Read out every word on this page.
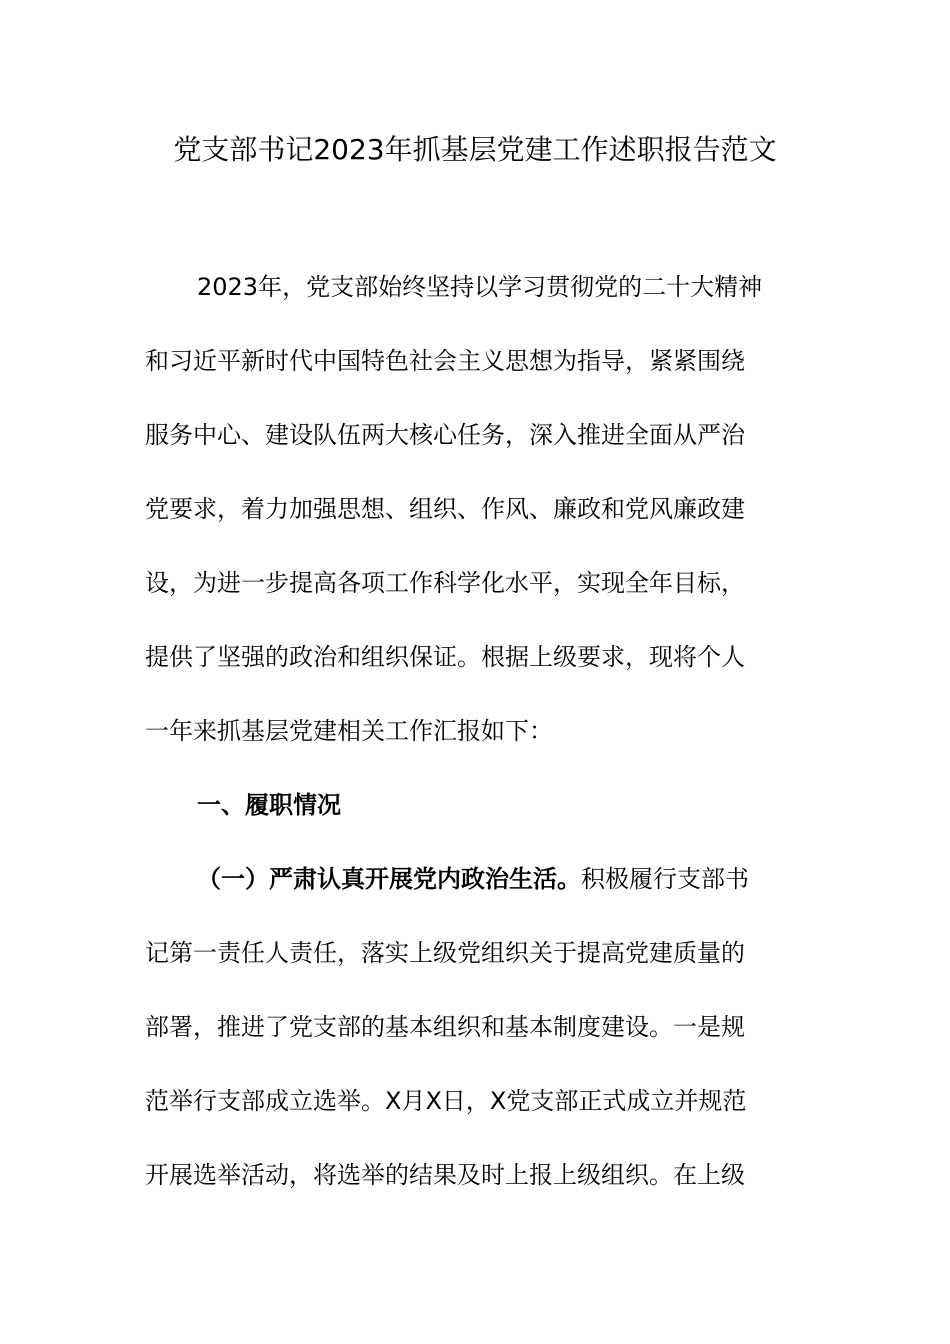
党支部书记2023年抓基层党建工作述职报告范文
2023年，党支部始终坚持以学习贯彻党的二十大精神
和习近平新时代中国特色社会主义思想为指导，紧紧围绕
服务中心、建设队伍两大核心任务，深入推进全面从严治
党要求，着力加强思想、组织、作风、廉政和党风廉政建
设，为进一步提高各项工作科学化水平，实现全年目标，
提供了坚强的政治和组织保证。根据上级要求，现将个人
一年来抓基层党建相关工作汇报如下：
一、履职情况
（一）严肃认真开展党内政治生活。积极履行支部书
记第一责任人责任，落实上级党组织关于提高党建质量的
部署，推进了党支部的基本组织和基本制度建设。一是规
范举行支部成立选举。X月X日，X党支部正式成立并规范
开展选举活动，将选举的结果及时上报上级组织。在上级
